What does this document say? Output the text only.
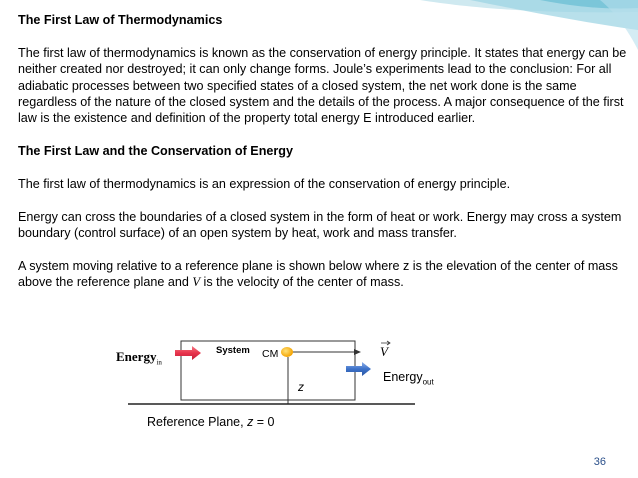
The First Law of Thermodynamics

The first law of thermodynamics is known as the conservation of energy principle. It states that energy can be neither created nor destroyed; it can only change forms. Joule’s experiments lead to the conclusion: For all adiabatic processes between two specified states of a closed system, the net work done is the same regardless of the nature of the closed system and the details of the process. A major consequence of the first law is the existence and definition of the property total energy E introduced earlier.

The First Law and the Conservation of Energy

The first law of thermodynamics is an expression of the conservation of energy principle.

Energy can cross the boundaries of a closed system in the form of heat or work. Energy may cross a system boundary (control surface) of an open system by heat, work and mass transfer.

A system moving relative to a reference plane is shown below where z is the elevation of the center of mass above the reference plane and V is the velocity of the center of mass.

System CM
Energy$_{in}$
V
Energy$_{out}$
z
Reference Plane, z = 0
36
